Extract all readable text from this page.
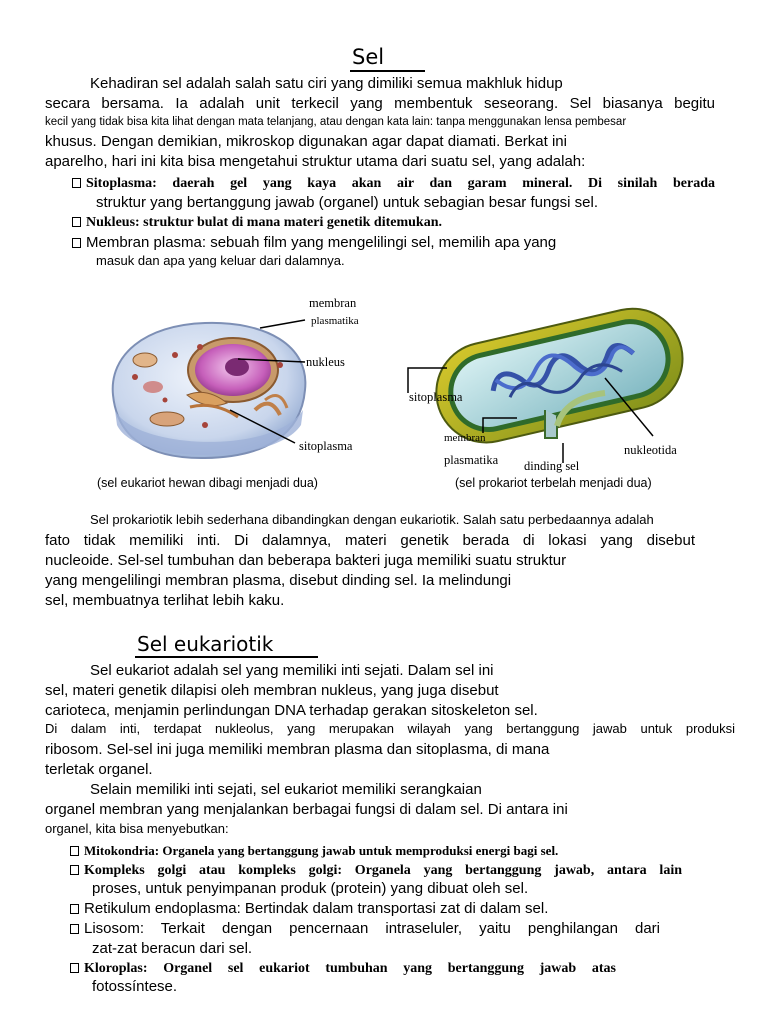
Sel
Kehadiran sel adalah salah satu ciri yang dimiliki semua makhluk hidup
secara bersama. Ia adalah unit terkecil yang membentuk seseorang. Sel biasanya begitu
kecil yang tidak bisa kita lihat dengan mata telanjang, atau dengan kata lain: tanpa menggunakan lensa pembesar
khusus. Dengan demikian, mikroskop digunakan agar dapat diamati. Berkat ini
aparelho, hari ini kita bisa mengetahui struktur utama dari suatu sel, yang adalah:
Sitoplasma: daerah gel yang kaya akan air dan garam mineral. Di sinilah berada
struktur yang bertanggung jawab (organel) untuk sebagian besar fungsi sel.
Nukleus: struktur bulat di mana materi genetik ditemukan.
Membran plasma: sebuah film yang mengelilingi sel, memilih apa yang
masuk dan apa yang keluar dari dalamnya.
membran
plasmatika
nukleus
sitoplasma
(sel eukariot hewan dibagi menjadi dua)
sitoplasma
membran
plasmatika dinding sel
nukleotida
(sel prokariot terbelah menjadi dua)
Sel prokariotik lebih sederhana dibandingkan dengan eukariotik. Salah satu perbedaannya adalah
fato tidak memiliki inti. Di dalamnya, materi genetik berada di lokasi yang disebut
nucleoide. Sel-sel tumbuhan dan beberapa bakteri juga memiliki suatu struktur
yang mengelilingi membran plasma, disebut dinding sel. Ia melindungi
sel, membuatnya terlihat lebih kaku.
Sel eukariotik
Sel eukariot adalah sel yang memiliki inti sejati. Dalam sel ini
sel, materi genetik dilapisi oleh membran nukleus, yang juga disebut
carioteca, menjamin perlindungan DNA terhadap gerakan sitoskeleton sel.
Di dalam inti, terdapat nukleolus, yang merupakan wilayah yang bertanggung jawab untuk produksi
ribosom. Sel-sel ini juga memiliki membran plasma dan sitoplasma, di mana
terletak organel.
Selain memiliki inti sejati, sel eukariot memiliki serangkaian
organel membran yang menjalankan berbagai fungsi di dalam sel. Di antara ini
organel, kita bisa menyebutkan:
Mitokondria: Organela yang bertanggung jawab untuk memproduksi energi bagi sel.
Kompleks golgi atau kompleks golgi: Organela yang bertanggung jawab, antara lain
proses, untuk penyimpanan produk (protein) yang dibuat oleh sel.
Retikulum endoplasma: Bertindak dalam transportasi zat di dalam sel.
Lisosom: Terkait dengan pencernaan intraseluler, yaitu penghilangan dari
zat-zat beracun dari sel.
Kloroplas: Organel sel eukariot tumbuhan yang bertanggung jawab atas
fotossíntese.
